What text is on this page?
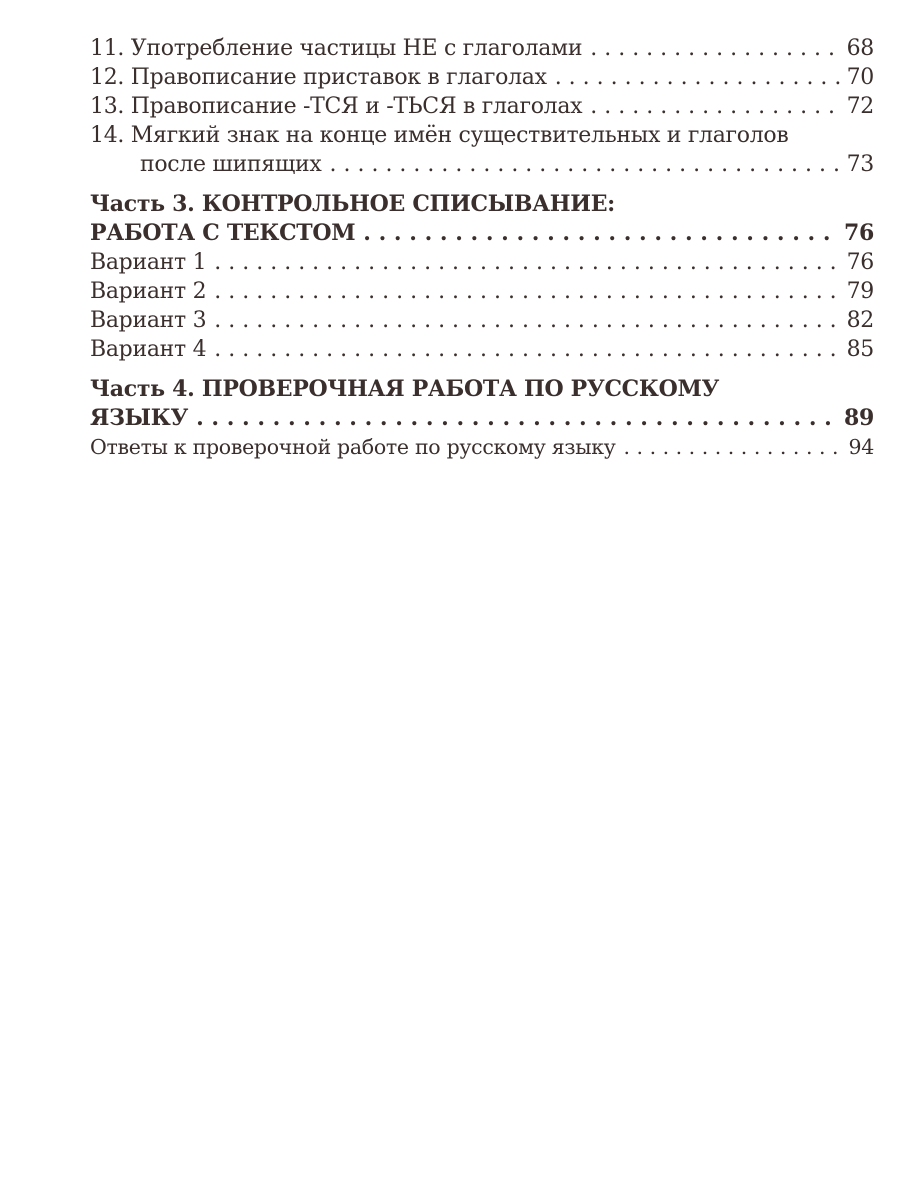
11. Употребление частицы НЕ с глаголами . . .	68
12. Правописание приставок в глаголах . . .	70
13. Правописание -ТСЯ и -ТЬСЯ в глаголах . . .	72
14. Мягкий знак на конце имён существительных и глаголов
после шипящих . . .	73
Часть 3. КОНТРОЛЬНОЕ СПИСЫВАНИЕ:
РАБОТА С ТЕКСТОМ . . .	76
Вариант 1 . . .	76
Вариант 2 . . .	79
Вариант 3 . . .	82
Вариант 4 . . .	85
Часть 4. ПРОВЕРОЧНАЯ РАБОТА ПО РУССКОМУ
ЯЗЫКУ . . .	89
Ответы к проверочной работе по русскому языку . . .	94
